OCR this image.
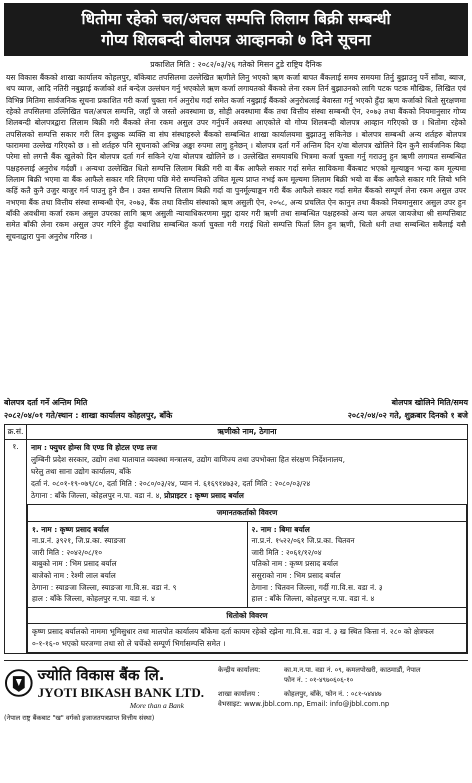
धितोमा रहेको चल/अचल सम्पत्ति लिलाम बिक्री सम्बन्धी
गोप्य शिलबन्दी बोलपत्र आव्हानको ७ दिने सूचना
प्रकाशित मिति : २०८२/०३/२६ गतेको मिसन टुडे राष्ट्रिय दैनिक
यस विकास बैंकको शाखा कार्यालय कोहलपुर, बाँकेबाट तपसिलमा उल्लेखित ऋणीले लिनु भएको ऋण कर्जा बापत बैंकलाई समय समयमा तिर्नु बुझाउनु पर्ने साँवा, ब्याज, थप व्याज, आदि नतिरी नबुझाई कर्जाको शर्त बन्देज उल्लंघन गर्नु भएकोले ऋण कर्जा लगायतको बैंकको लेना रकम तिर्न बुझाउनको लागि पटक पटक मौखिक, लिखित एवं विभिन्न मितिमा सार्वजनिक सूचना प्रकाशित गरी कर्जा चुक्ता गर्न अनुरोध गर्दा समेत कर्जा नबुझाई बैंकको अनुरोधलाई बेवास्ता गर्नु भएको हुँदा ऋण कर्जाको धितो सुरक्षणमा रहेको तपसिलमा उल्लिखित चल/अचल सम्पत्ति, जहाँ जे जस्तो अवस्थामा छ, सोही अवस्थामा बैंक तथा वित्तीय संस्था सम्बन्धी ऐन, २०७३ तथा बैंकको नियमानुसार गोप्य शिलबन्दी बोलपत्रद्वारा लिलाम बिक्री गरी बैंकको लेना रकम असुल उपर गर्नुपर्ने अवस्था आएकोले यो गोप्य शिलबन्दी बोलपत्र आव्हान गरिएको छ । धितोमा रहेको तपसिलको सम्पत्ति सकार गरी लिन इच्छुक व्यक्ति वा संघ संस्थाहरुले बैंकको सम्बन्धित शाखा कार्यालयमा बुझाउनु सकिनेछ । बोलपत्र सम्बन्धी अन्य शर्तहरु बोलपत्र फाराममा उल्लेख गरिएको छ । सो शर्तहरु पनि सूचनाको अभिन्न अङ्का रुपमा लागु हुनेछन् । बोलपत्र दर्ता गर्ने अन्तिम दिन र/वा बोलपत्र खोलिने दिन कुनै सार्वजनिक बिदा परेमा सो लगत्तै बैंक खुलेको दिन बोलपत्र दर्ता गर्न सकिने र/वा बोलपत्र खोलिने छ । उल्लेखित समयावधि भित्रमा कर्जा चुक्ता गर्नु गराउनु हुन ऋणी लगायत सम्बन्धित पक्षहरुलाई अनुरोध गर्दछौं । अन्यथा उल्लेखित धितो सम्पत्ति लिलाम बिक्री गरी वा बैंक आफैले सकार गर्दा समेत साविकमा बैंकबाट भएको मूल्याङ्कन भन्दा कम मूल्यमा लिलाम बिक्री भएमा वा बैंक आफैले सकार गरि लिएमा पछि मेरो सम्पत्तिको उचित मूल्य प्राप्त नभई कम मूल्यमा लिलाम बिक्री भयो वा बैंक आफैले सकार गरि लियो भनि कहिं कतै कुनै उजुर बाजुर गर्न पाउनु हुने छैन । उक्त सम्पत्ति लिलाम बिक्री गर्दा वा पुनर्मूल्याङ्कन गरी बैंक आफैले सकार गर्दा समेत बैंकको सम्पूर्ण लेना रकम असुल उपर नभएमा बैंक तथा वित्तीय संस्था सम्बन्धी ऐन, २०७३, बैंक तथा वित्तीय संस्थाको ऋण असुली ऐन, २०५८, अन्य प्रचलित ऐन कानुन तथा बैंकको नियमानुसार असुल उपर हुन बाँकी अवधीमा कर्जा रकम असुल उपरका लागि ऋण असुली न्यायाधिकरणमा मुद्दा दायर गरी ऋणी तथा सम्बन्धित पक्षहरुको अन्य चल अचल जायजेथा श्री सम्पत्तिबाट समेत बाँकी लेना रकम असुल उपर गरिने हुँदा यथाशिघ्र सम्बन्धित कर्जा चुक्ता गरी गराई धितो सम्पत्ति फिर्ता लिन हुन ऋणी, धितो धनी तथा सम्बन्धित सबैलाई यसै सूचनाद्वारा पुनः अनुरोध गरिन्छ ।
बोलपत्र दर्ता गर्ने अन्तिम मिति	बोलपत्र खोलिने मिति/समय
२०८२/०४/०१ गते/स्थान : शाखा कार्यालय कोहलपुर, बाँके	२०८२/०४/०२ गते, शुक्रबार दिनको १ बजे
क्र.सं.	ऋणीको नाम, ठेगाना
१.	नाम : फ्युचर होम्स वि एण्ड वि होटल एण्ड लज
लुम्बिनी प्रदेश सरकार, उद्योग तथा यातायात व्यवस्था मन्त्रालय, उद्योग वाणिज्य तथा उपभोक्ता हित संरक्षण निर्देशनालय,
घरेलु तथा साना उद्योग कार्यालय, बाँके
दर्ता नं. ०८०१-१९-०७९/८०, दर्ता मिति : २०८०/०३/२४, प्यान नं. ६१६९१४७३२, दर्ता मिति : २०८०/०३/२४
ठेगाना : बाँके जिल्ला, कोहलपुर न.पा. वडा नं. ४, प्रोप्राइटर : कृष्ण प्रसाद बर्याल
जमानतकर्ताको विवरण

१. नाम : कृष्ण प्रसाद बर्याल
ना.प्र.नं. ३९२१, जि.प्र.का. स्याङजा
जारी मिति : २०४२/०८/१०
बाबुको नाम : भिम प्रसाद बर्याल
बाजेको नाम : रेश्मी लाल बर्याल
ठेगाना : स्याङजा जिल्ला, स्याङजा गा.वि.स. वडा नं. ९
हाल : बाँके जिल्ला, कोहलपुर न.पा. वडा नं. ४

२. नाम : बिमा बर्याल
ना.प्र.नं. १५२२/०६१ जि.प्र.का. चितवन
जारी मिति : २०६१/१२/०४
पतिको नाम : कृष्ण प्रसाद बर्याल
ससुराको नाम : भिम प्रसाद बर्याल
ठेगाना : चितवन जिल्ला, गर्दी गा.वि.स. वडा नं. ३
हाल : बाँके जिल्ला, कोहलपुर न.पा. वडा नं. ४

धितोको विवरण
कृष्ण प्रसाद बर्यालको नाममा भूमिसुधार तथा मालपोत कार्यालय बाँकेमा दर्ता कायम रहेको रझेना गा.वि.स. वडा नं. ३ ख स्थित कित्ता नं. २८० को क्षेत्रफल ०-१-१६-० भएको घरजग्गा तथा सो ले चर्चेको सम्पूर्ण भिर्गासम्पत्ति समेत ।
ज्योति विकास बैंक लि.
JYOTI BIKASH BANK LTD.
More than a Bank
(नेपाल राष्ट्र बैंकबाट "ख" वर्गको इजाजतपत्रप्राप्त वित्तीय संस्था)
केन्द्रीय कार्यालय:	का.म.न.पा. वडा नं. ०९, कमलपोखरी, काठमाडौं, नेपाल
फोन नं. : ०१-४९७०६०६-१०
शाखा कार्यालय :	कोहलपुर, बाँके, फोन नं. : ०८१-५४४४७
वेभसाइट: www.jbbl.com.np, Email: info@jbbl.com.np
